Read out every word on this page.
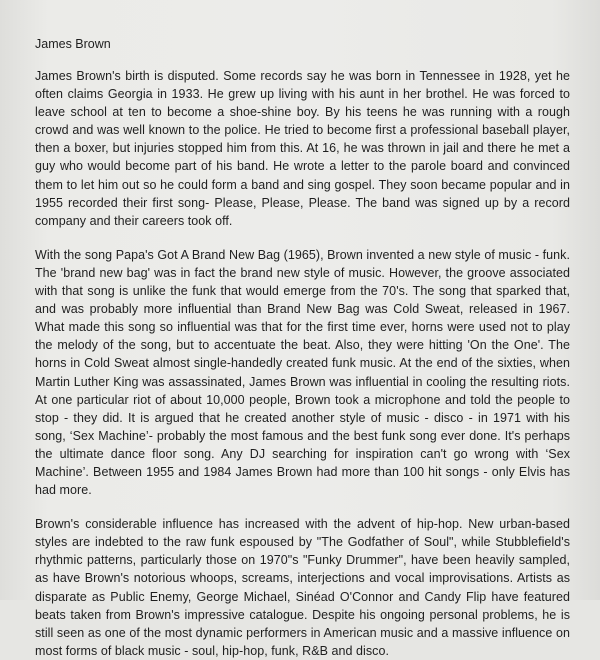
James Brown

James Brown's birth is disputed. Some records say he was born in Tennessee in 1928, yet he often claims Georgia in 1933. He grew up living with his aunt in her brothel. He was forced to leave school at ten to become a shoe-shine boy. By his teens he was running with a rough crowd and was well known to the police. He tried to become first a professional baseball player, then a boxer, but injuries stopped him from this. At 16, he was thrown in jail and there he met a guy who would become part of his band. He wrote a letter to the parole board and convinced them to let him out so he could form a band and sing gospel. They soon became popular and in 1955 recorded their first song- Please, Please, Please. The band was signed up by a record company and their careers took off.

With the song Papa's Got A Brand New Bag (1965), Brown invented a new style of music - funk. The 'brand new bag' was in fact the brand new style of music. However, the groove associated with that song is unlike the funk that would emerge from the 70's. The song that sparked that, and was probably more influential than Brand New Bag was Cold Sweat, released in 1967. What made this song so influential was that for the first time ever, horns were used not to play the melody of the song, but to accentuate the beat. Also, they were hitting 'On the One'. The horns in Cold Sweat almost single-handedly created funk music. At the end of the sixties, when Martin Luther King was assassinated, James Brown was influential in cooling the resulting riots. At one particular riot of about 10,000 people, Brown took a microphone and told the people to stop - they did. It is argued that he created another style of music - disco - in 1971 with his song, ‘Sex Machine’- probably the most famous and the best funk song ever done. It's perhaps the ultimate dance floor song. Any DJ searching for inspiration can't go wrong with ‘Sex Machine’. Between 1955 and 1984 James Brown had more than 100 hit songs - only Elvis has had more.

Brown's considerable influence has increased with the advent of hip-hop. New urban-based styles are indebted to the raw funk espoused by "The Godfather of Soul", while Stubblefield's rhythmic patterns, particularly those on 1970"s "Funky Drummer", have been heavily sampled, as have Brown's notorious whoops, screams, interjections and vocal improvisations. Artists as disparate as Public Enemy, George Michael, Sinéad O'Connor and Candy Flip have featured beats taken from Brown's impressive catalogue. Despite his ongoing personal problems, he is still seen as one of the most dynamic performers in American music and a massive influence on most forms of black music - soul, hip-hop, funk, R&B and disco.
